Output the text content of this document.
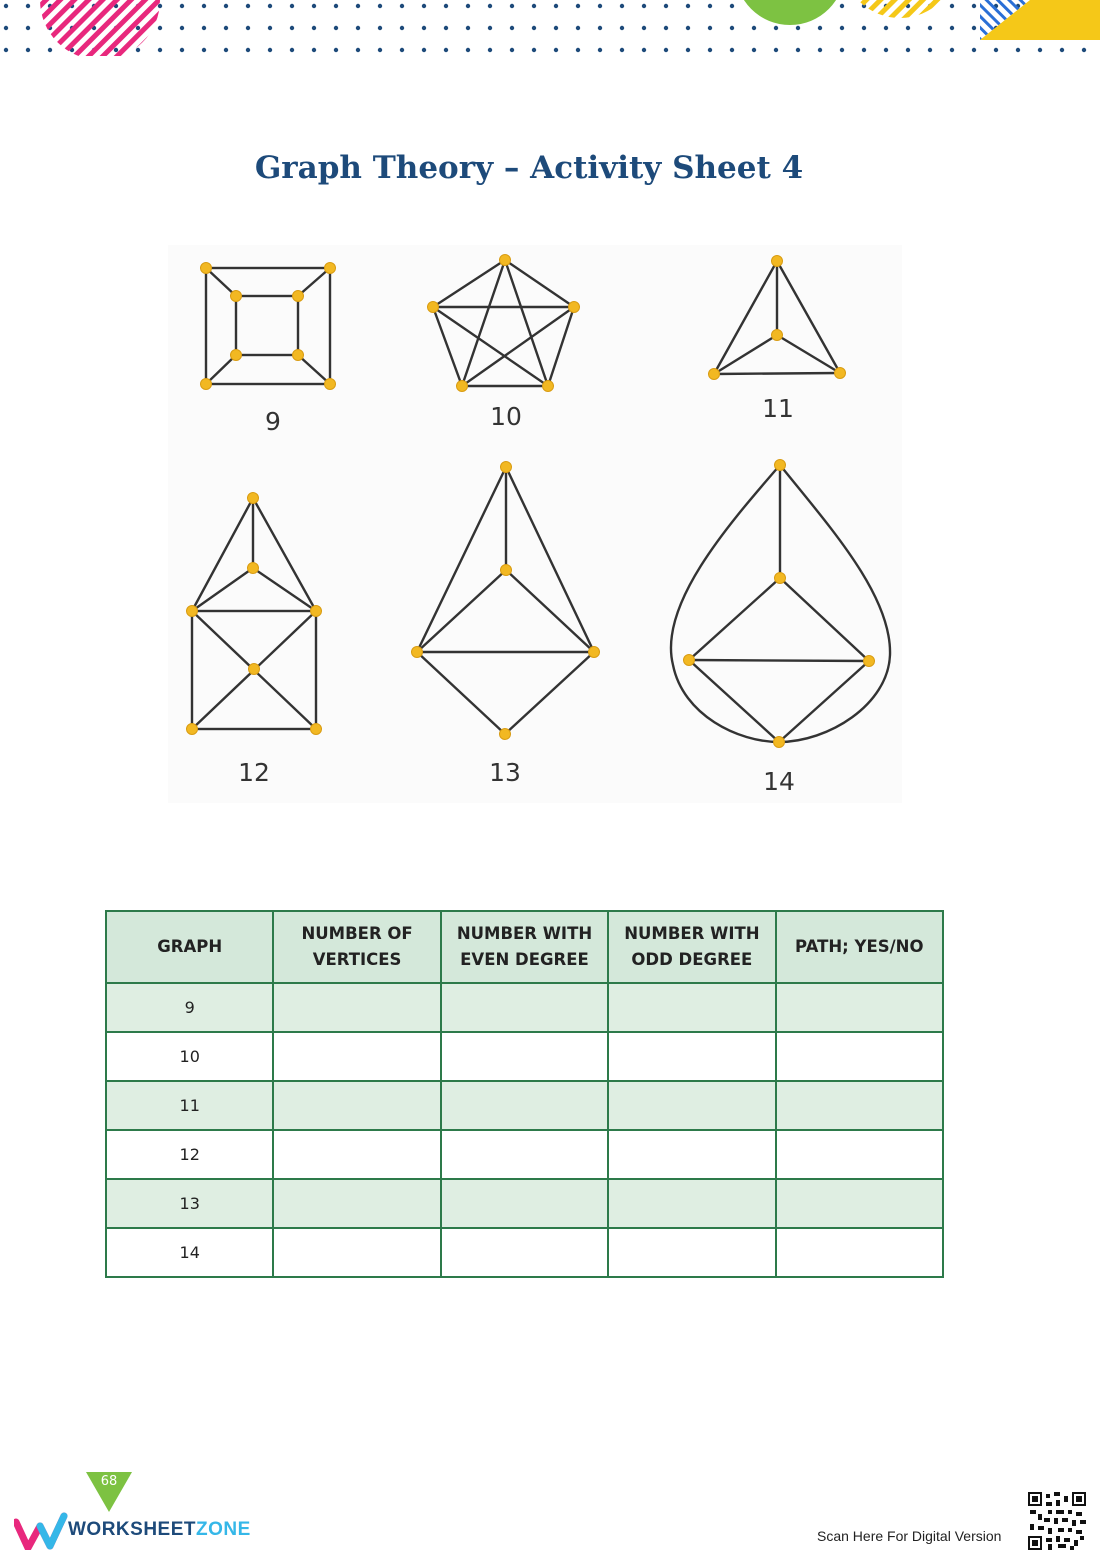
Graph Theory – Activity Sheet 4
9	10	11
12	13	14
GRAPH	NUMBER OF VERTICES	NUMBER WITH EVEN DEGREE	NUMBER WITH ODD DEGREE	PATH; YES/NO
9				
10				
11				
12				
13				
14				
68
WORKSHEETZONE	Scan Here For Digital Version
